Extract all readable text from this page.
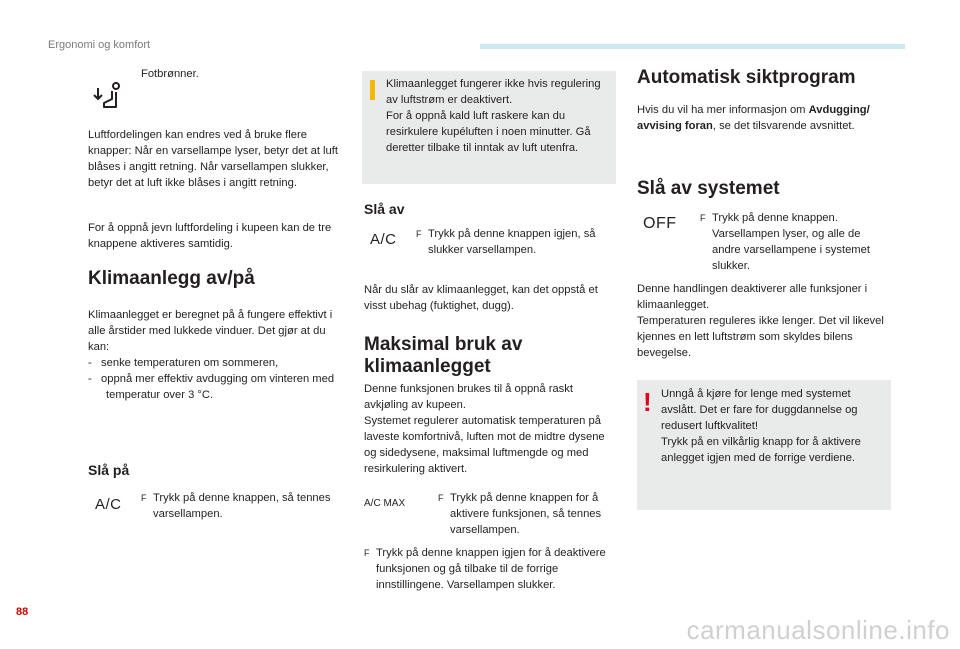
Ergonomi og komfort
Fotbrønner.
Luftfordelingen kan endres ved å bruke flere knapper: Når en varsellampe lyser, betyr det at luft blåses i angitt retning. Når varsellampen slukker, betyr det at luft ikke blåses i angitt retning.
For å oppnå jevn luftfordeling i kupeen kan de tre knappene aktiveres samtidig.
Klimaanlegg av/på
Klimaanlegget er beregnet på å fungere effektivt i alle årstider med lukkede vinduer. Det gjør at du kan:
-   senke temperaturen om sommeren,
-   oppnå mer effektiv avdugging om vinteren med temperatur over 3 °C.
Slå på
A/C F Trykk på denne knappen, så tennes varsellampen.
Klimaanlegget fungerer ikke hvis regulering av luftstrøm er deaktivert.
For å oppnå kald luft raskere kan du resirkulere kupéluften i noen minutter. Gå deretter tilbake til inntak av luft utenfra.
Slå av
A/C F Trykk på denne knappen igjen, så slukker varsellampen.
Når du slår av klimaanlegget, kan det oppstå et visst ubehag (fuktighet, dugg).
Maksimal bruk av
klimaanlegget
Denne funksjonen brukes til å oppnå raskt avkjøling av kupeen.
Systemet regulerer automatisk temperaturen på laveste komfortnivå, luften mot de midtre dysene og sidedysene, maksimal luftmengde og med resirkulering aktivert.
A/C MAX	F Trykk på denne knappen for å aktivere funksjonen, så tennes varsellampen.
F Trykk på denne knappen igjen for å deaktivere funksjonen og gå tilbake til de forrige innstillingene. Varsellampen slukker.
Automatisk siktprogram
Hvis du vil ha mer informasjon om Avdugging/ avvising foran, se det tilsvarende avsnittet.
Slå av systemet
OFF	F Trykk på denne knappen. Varsellampen lyser, og alle de andre varsellampene i systemet slukker.
Denne handlingen deaktiverer alle funksjoner i klimaanlegget.
Temperaturen reguleres ikke lenger. Det vil likevel kjennes en lett luftstrøm som skyldes bilens bevegelse.
! Unngå å kjøre for lenge med systemet avslått. Det er fare for duggdannelse og redusert luftkvalitet!
Trykk på en vilkårlig knapp for å aktivere anlegget igjen med de forrige verdiene.
88
carmanualsonline.info
